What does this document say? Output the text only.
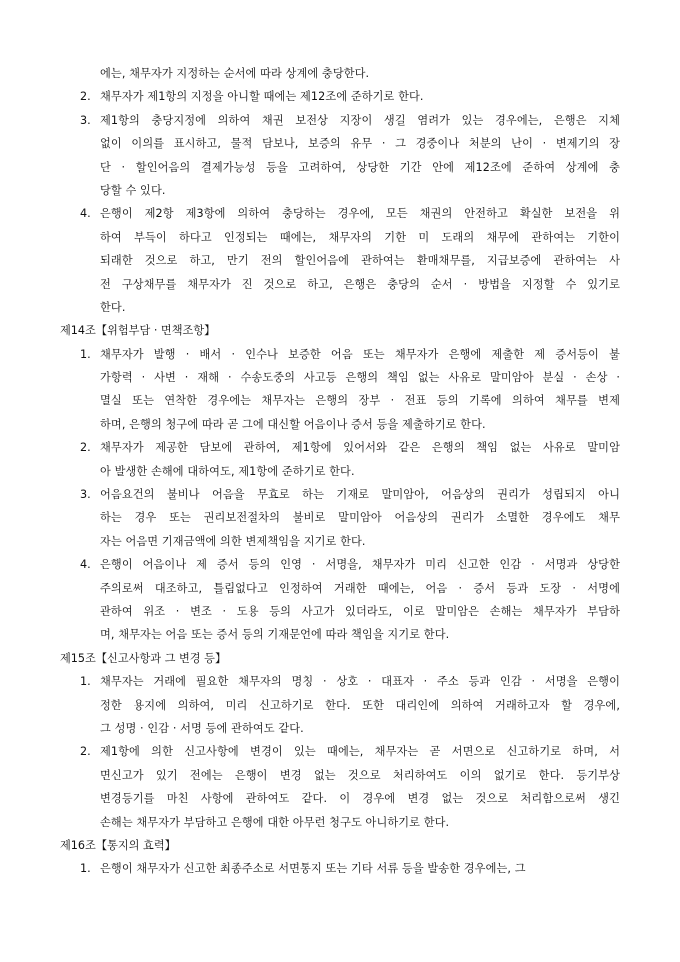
에는, 채무자가 지정하는 순서에 따라 상계에 충당한다.
2. 채무자가 제1항의 지정을 아니할 때에는 제12조에 준하기로 한다.
3. 제1항의 충당지정에 의하여 채권 보전상 지장이 생길 염려가 있는 경우에는, 은행은 지체
없이 이의를 표시하고, 물적 담보나, 보증의 유무 · 그 경중이나 처분의 난이 · 변제기의 장
단 · 할인어음의 결제가능성 등을 고려하여, 상당한 기간 안에 제12조에 준하여 상계에 충
당할 수 있다.
4. 은행이 제2항 제3항에 의하여 충당하는 경우에, 모든 채권의 안전하고 확실한 보전을 위
하여 부득이 하다고 인정되는 때에는, 채무자의 기한 미 도래의 채무에 관하여는 기한이
되래한 것으로 하고, 만기 전의 할인어음에 관하여는 환매채무를, 지급보증에 관하여는 사
전 구상채무를 채무자가 진 것으로 하고, 은행은 충당의 순서 · 방법을 지정할 수 있기로
한다.
제14조【위험부담 · 면책조항】
1. 채무자가 발행 · 배서 · 인수나 보증한 어음 또는 채무자가 은행에 제출한 제 증서등이 불
가항력 · 사변 · 재해 · 수송도중의 사고등 은행의 책임 없는 사유로 말미암아 분실 · 손상 ·
멸실 또는 연착한 경우에는 채무자는 은행의 장부 · 전표 등의 기록에 의하여 채무를 변제
하며, 은행의 청구에 따라 곧 그에 대신할 어음이나 증서 등을 제출하기로 한다.
2. 채무자가 제공한 담보에 관하여, 제1항에 있어서와 같은 은행의 책임 없는 사유로 말미암
아 발생한 손해에 대하여도, 제1항에 준하기로 한다.
3. 어음요건의 불비나 어음을 무효로 하는 기재로 말미암아, 어음상의 권리가 성립되지 아니
하는 경우 또는 권리보전절차의 불비로 말미암아 어음상의 권리가 소멸한 경우에도 채무
자는 어음면 기재금액에 의한 변제책임을 지기로 한다.
4. 은행이 어음이나 제 증서 등의 인영 · 서명을, 채무자가 미리 신고한 인감 · 서명과 상당한
주의로써 대조하고, 틀림없다고 인정하여 거래한 때에는, 어음 · 증서 등과 도장 · 서명에
관하여 위조 · 변조 · 도용 등의 사고가 있더라도, 이로 말미암은 손해는 채무자가 부담하
며, 채무자는 어음 또는 증서 등의 기재문언에 따라 책임을 지기로 한다.
제15조【신고사항과 그 변경 등】
1. 채무자는 거래에 필요한 채무자의 명칭 · 상호 · 대표자 · 주소 등과 인감 · 서명을 은행이
정한 용지에 의하여, 미리 신고하기로 한다. 또한 대리인에 의하여 거래하고자 할 경우에,
그 성명 · 인감 · 서명 등에 관하여도 같다.
2. 제1항에 의한 신고사항에 변경이 있는 때에는, 채무자는 곧 서면으로 신고하기로 하며, 서
면신고가 있기 전에는 은행이 변경 없는 것으로 처리하여도 이의 없기로 한다. 등기부상
변경등기를 마친 사항에 관하여도 같다. 이 경우에 변경 없는 것으로 처리함으로써 생긴
손해는 채무자가 부담하고 은행에 대한 아무런 청구도 아니하기로 한다.
제16조【통지의 효력】
1. 은행이 채무자가 신고한 최종주소로 서면통지 또는 기타 서류 등을 발송한 경우에는, 그
